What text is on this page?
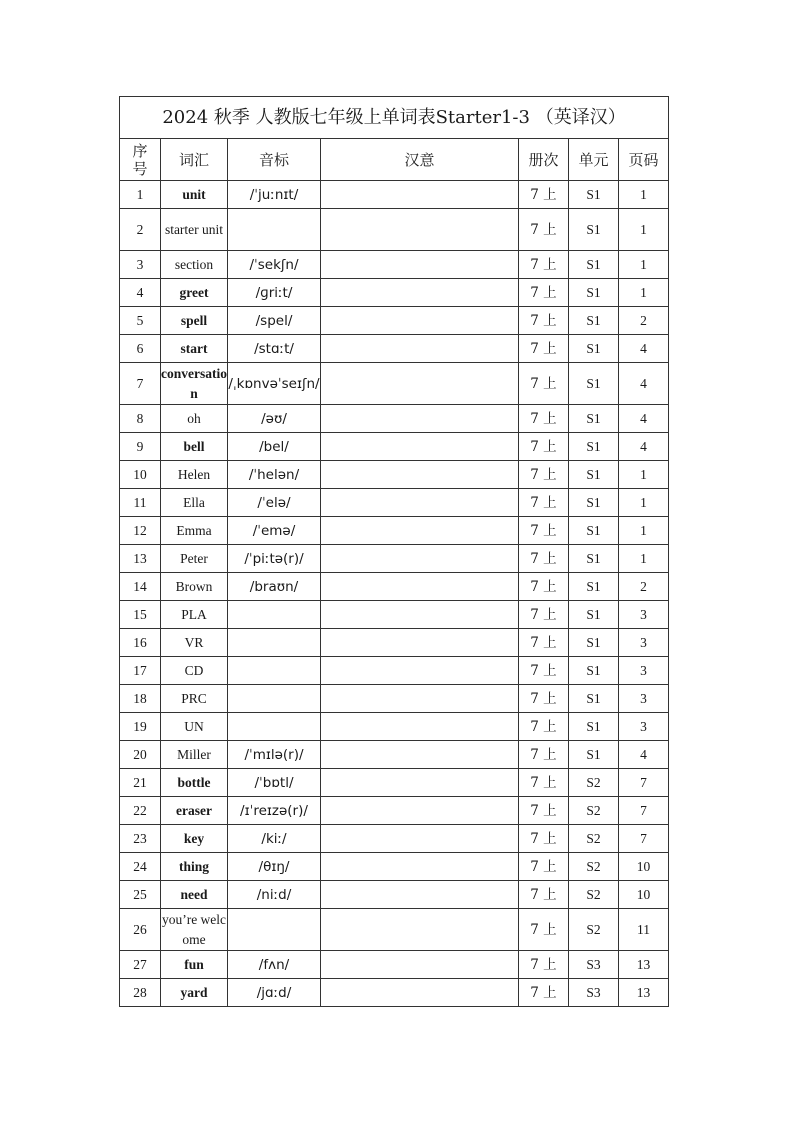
2024 秋季 人教版七年级上单词表Starter1-3 （英译汉）						
序号	词汇	音标	汉意	册次	单元	页码
1	unit	/ˈjuːnɪt/		7 上	S1	1
2	starter unit			7 上	S1	1
3	section	/ˈsekʃn/		7 上	S1	1
4	greet	/ɡriːt/		7 上	S1	1
5	spell	/spel/		7 上	S1	2
6	start	/stɑːt/		7 上	S1	4
7	conversation	/ˌkɒnvəˈseɪʃn/		7 上	S1	4
8	oh	/əʊ/		7 上	S1	4
9	bell	/bel/		7 上	S1	4
10	Helen	/ˈhelən/		7 上	S1	1
11	Ella	/ˈelə/		7 上	S1	1
12	Emma	/ˈemə/		7 上	S1	1
13	Peter	/ˈpiːtə(r)/		7 上	S1	1
14	Brown	/braʊn/		7 上	S1	2
15	PLA			7 上	S1	3
16	VR			7 上	S1	3
17	CD			7 上	S1	3
18	PRC			7 上	S1	3
19	UN			7 上	S1	3
20	Miller	/ˈmɪlə(r)/		7 上	S1	4
21	bottle	/ˈbɒtl/		7 上	S2	7
22	eraser	/ɪˈreɪzə(r)/		7 上	S2	7
23	key	/kiː/		7 上	S2	7
24	thing	/θɪŋ/		7 上	S2	10
25	need	/niːd/		7 上	S2	10
26	you’re welcome			7 上	S2	11
27	fun	/fʌn/		7 上	S3	13
28	yard	/jɑːd/		7 上	S3	13
